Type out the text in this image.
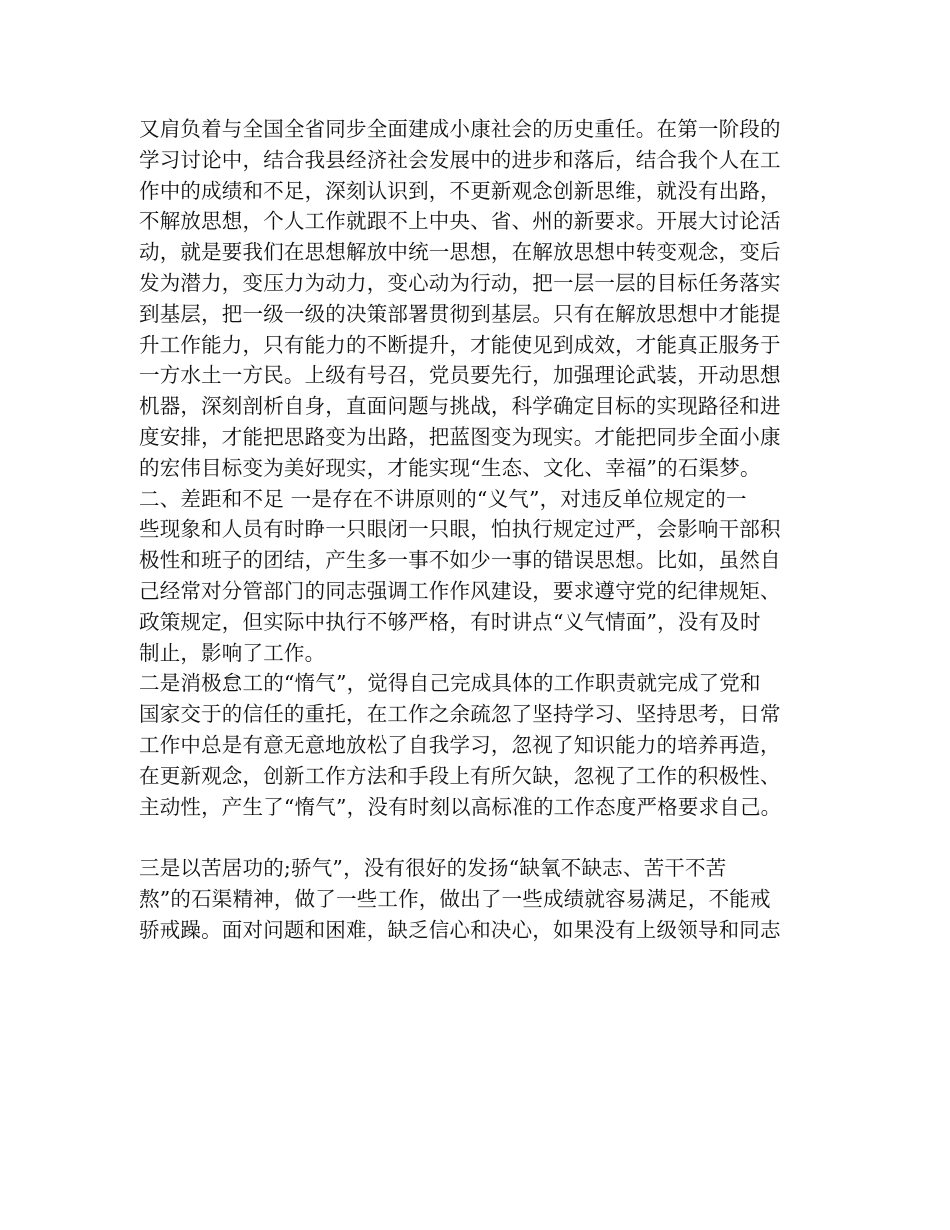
又肩负着与全国全省同步全面建成小康社会的历史重任。在第一阶段的
学习讨论中，结合我县经济社会发展中的进步和落后，结合我个人在工
作中的成绩和不足，深刻认识到，不更新观念创新思维，就没有出路，
不解放思想，个人工作就跟不上中央、省、州的新要求。开展大讨论活
动，就是要我们在思想解放中统一思想，在解放思想中转变观念，变后
发为潜力，变压力为动力，变心动为行动，把一层一层的目标任务落实
到基层，把一级一级的决策部署贯彻到基层。只有在解放思想中才能提
升工作能力，只有能力的不断提升，才能使见到成效，才能真正服务于
一方水土一方民。上级有号召，党员要先行，加强理论武装，开动思想
机器，深刻剖析自身，直面问题与挑战，科学确定目标的实现路径和进
度安排，才能把思路变为出路，把蓝图变为现实。才能把同步全面小康
的宏伟目标变为美好现实，才能实现“生态、文化、幸福”的石渠梦。
二、差距和不足 一是存在不讲原则的“义气”，对违反单位规定的一
些现象和人员有时睁一只眼闭一只眼，怕执行规定过严，会影响干部积
极性和班子的团结，产生多一事不如少一事的错误思想。比如，虽然自
己经常对分管部门的同志强调工作作风建设，要求遵守党的纪律规矩、
政策规定，但实际中执行不够严格，有时讲点“义气情面”，没有及时
制止，影响了工作。
二是消极怠工的“惰气”，觉得自己完成具体的工作职责就完成了党和
国家交于的信任的重托，在工作之余疏忽了坚持学习、坚持思考，日常
工作中总是有意无意地放松了自我学习，忽视了知识能力的培养再造，
在更新观念，创新工作方法和手段上有所欠缺，忽视了工作的积极性、
主动性，产生了“惰气”，没有时刻以高标准的工作态度严格要求自己。
三是以苦居功的;骄气”，没有很好的发扬“缺氧不缺志、苦干不苦
熬”的石渠精神，做了一些工作，做出了一些成绩就容易满足，不能戒
骄戒躁。面对问题和困难，缺乏信心和决心，如果没有上级领导和同志
